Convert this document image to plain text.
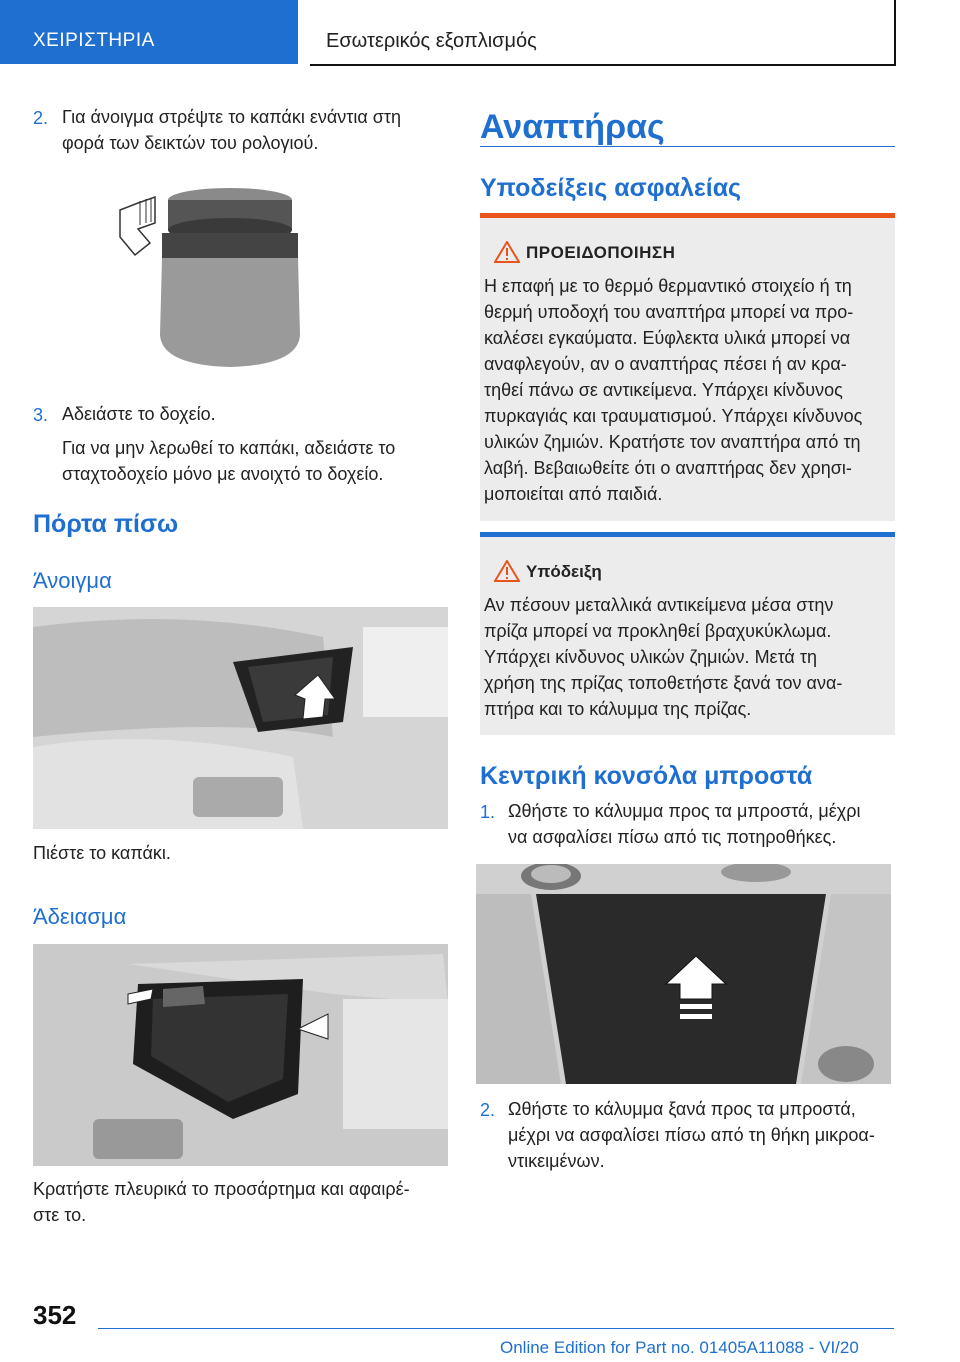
ΧΕΙΡΙΣΤΗΡΙΑ	Εσωτερικός εξοπλισμός
2. Για άνοιγμα στρέψτε το καπάκι ενάντια στη
φορά των δεικτών του ρολογιού.
3. Αδειάστε το δοχείο.
Για να μην λερωθεί το καπάκι, αδειάστε το
σταχτοδοχείο μόνο με ανοιχτό το δοχείο.
Πόρτα πίσω
Άνοιγμα
Πιέστε το καπάκι.
Άδειασμα
Κρατήστε πλευρικά το προσάρτημα και αφαιρέ-
στε το.
Αναπτήρας
Υποδείξεις ασφαλείας
ΠΡΟΕΙΔΟΠΟΙΗΣΗ
Η επαφή με το θερμό θερμαντικό στοιχείο ή τη
θερμή υποδοχή του αναπτήρα μπορεί να προ-
καλέσει εγκαύματα. Εύφλεκτα υλικά μπορεί να
αναφλεγούν, αν ο αναπτήρας πέσει ή αν κρα-
τηθεί πάνω σε αντικείμενα. Υπάρχει κίνδυνος
πυρκαγιάς και τραυματισμού. Υπάρχει κίνδυνος
υλικών ζημιών. Κρατήστε τον αναπτήρα από τη
λαβή. Βεβαιωθείτε ότι ο αναπτήρας δεν χρησι-
μοποιείται από παιδιά.
Υπόδειξη
Αν πέσουν μεταλλικά αντικείμενα μέσα στην
πρίζα μπορεί να προκληθεί βραχυκύκλωμα.
Υπάρχει κίνδυνος υλικών ζημιών. Μετά τη
χρήση της πρίζας τοποθετήστε ξανά τον ανα-
πτήρα και το κάλυμμα της πρίζας.
Κεντρική κονσόλα μπροστά
1. Ωθήστε το κάλυμμα προς τα μπροστά, μέχρι
να ασφαλίσει πίσω από τις ποτηροθήκες.
2. Ωθήστε το κάλυμμα ξανά προς τα μπροστά,
μέχρι να ασφαλίσει πίσω από τη θήκη μικροα-
ντικειμένων.
352
Online Edition for Part no. 01405A11088 - VI/20
